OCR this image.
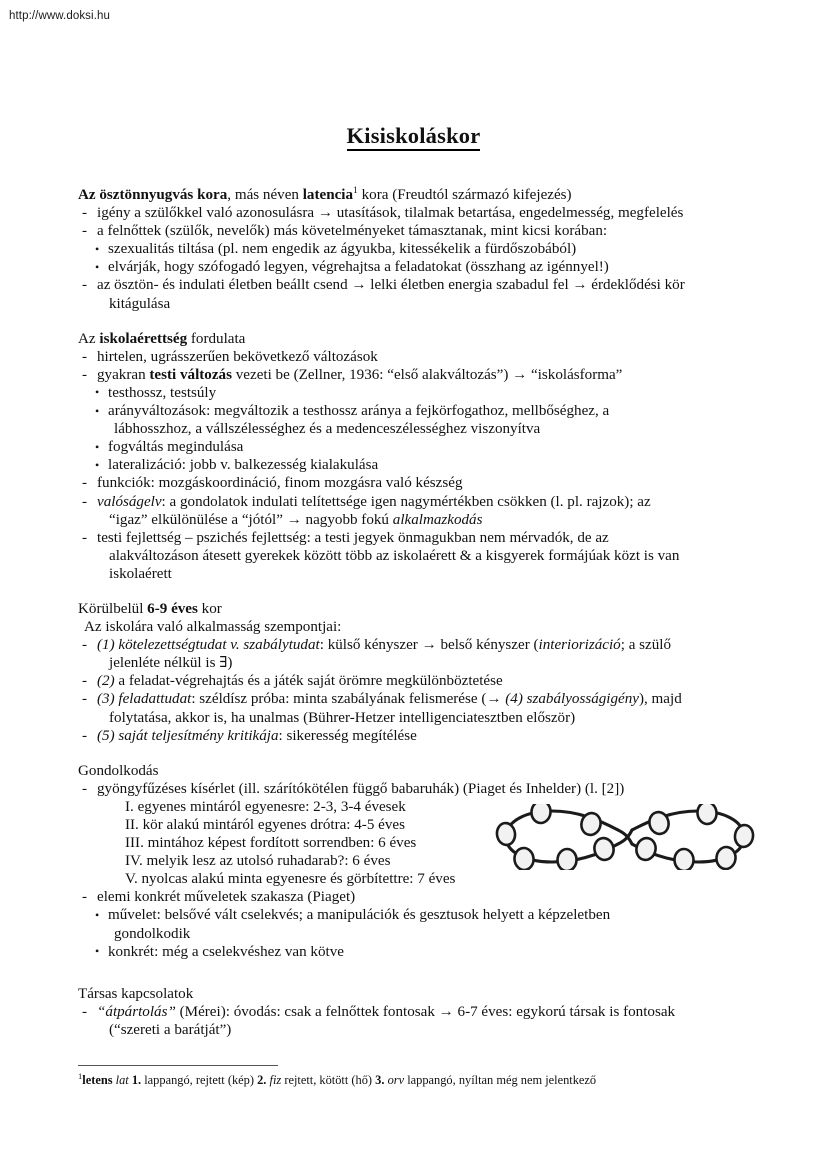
http://www.doksi.hu
Kisiskoláskor
Az ösztönnyugvás kora, más néven latencia$^1$ kora (Freudtól származó kifejezés)
- igény a szülőkkel való azonosulásra → utasítások, tilalmak betartása, engedelmesség, megfelelés
- a felnőttek (szülők, nevelők) más követelményeket támasztanak, mint kicsi korában:
• szexualitás tiltása (pl. nem engedik az ágyukba, kitessékelik a fürdőszobából)
• elvárják, hogy szófogadó legyen, végrehajtsa a feladatokat (összhang az igénnyel!)
- az ösztön- és indulati életben beállt csend → lelki életben energia szabadul fel → érdeklődési kör
kitágulása
Az iskolaérettség fordulata
- hirtelen, ugrásszerűen bekövetkező változások
- gyakran testi változás vezeti be (Zellner, 1936: “első alakváltozás”) → “iskolásforma”
• testhossz, testsúly
• arányváltozások: megváltozik a testhossz aránya a fejkörfogathoz, mellbőséghez, a
lábhosszhoz, a vállszélességhez és a medenceszélességhez viszonyítva
• fogváltás megindulása
• lateralizáció: jobb v. balkezesség kialakulása
- funkciók: mozgáskoordináció, finom mozgásra való készség
- valóságelv: a gondolatok indulati telítettsége igen nagymértékben csökken (l. pl. rajzok); az
“igaz” elkülönülése a “jótól” → nagyobb fokú alkalmazkodás
- testi fejlettség – pszichés fejlettség: a testi jegyek önmagukban nem mérvadók, de az
alakváltozáson átesett gyerekek között több az iskolaérett & a kisgyerek formájúak közt is van
iskolaérett
Körülbelül 6-9 éves kor
Az iskolára való alkalmasság szempontjai:
- (1) kötelezettségtudat v. szabálytudat: külső kényszer → belső kényszer (interiorizáció; a szülő
jelenléte nélkül is ∃)
- (2) a feladat-végrehajtás és a játék saját örömre megkülönböztetése
- (3) feladattudat: széldísz próba: minta szabályának felismerése (→ (4) szabályosságigény), majd
folytatása, akkor is, ha unalmas (Bührer-Hetzer intelligenciatesztben először)
- (5) saját teljesítmény kritikája: sikeresség megítélése
Gondolkodás
- gyöngyfűzéses kísérlet (ill. szárítókötélen függő babaruhák) (Piaget és Inhelder) (l. [2])
I. egyenes mintáról egyenesre: 2-3, 3-4 évesek
II. kör alakú mintáról egyenes drótra: 4-5 éves
III. mintához képest fordított sorrendben: 6 éves
IV. melyik lesz az utolsó ruhadarab?: 6 éves
V. nyolcas alakú minta egyenesre és görbítettre: 7 éves
- elemi konkrét műveletek szakasza (Piaget)
• művelet: belsővé vált cselekvés; a manipulációk és gesztusok helyett a képzeletben
gondolkodik
• konkrét: még a cselekvéshez van kötve
Társas kapcsolatok
- “átpártolás” (Mérei): óvodás: csak a felnőttek fontosak → 6-7 éves: egykorú társak is fontosak
(“szereti a barátját”)
$^1$letens lat 1. lappangó, rejtett (kép) 2. fiz rejtett, kötött (hő) 3. orv lappangó, nyíltan még nem jelentkező
